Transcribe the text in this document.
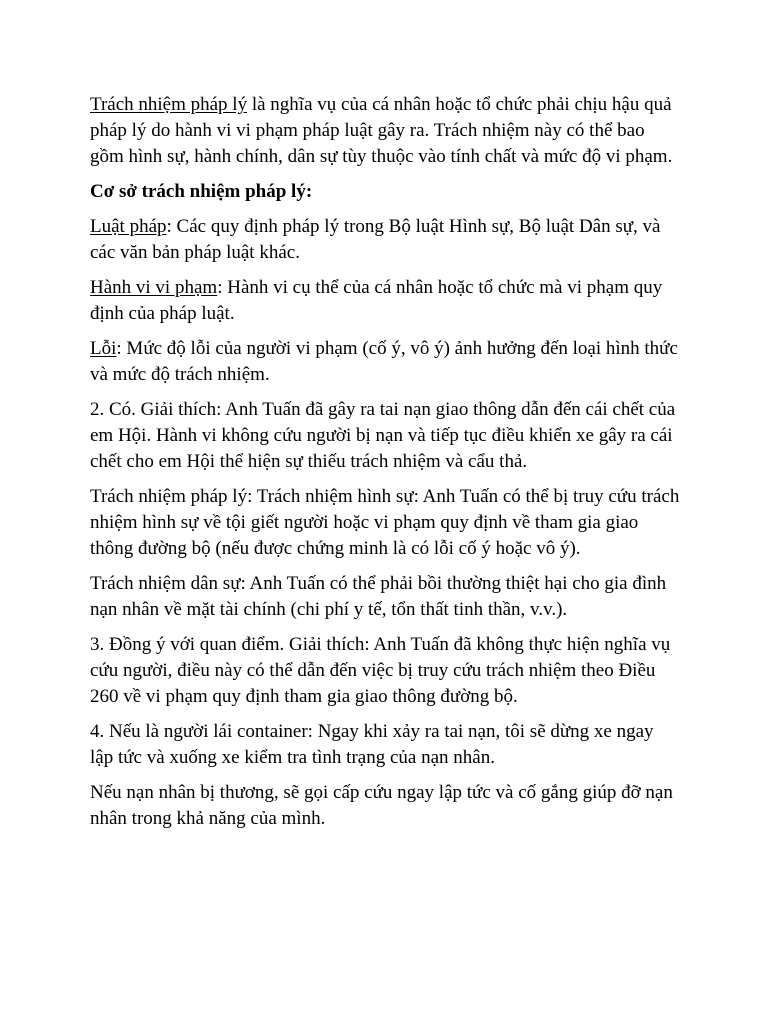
Trách nhiệm pháp lý là nghĩa vụ của cá nhân hoặc tổ chức phải chịu hậu quả pháp lý do hành vi vi phạm pháp luật gây ra. Trách nhiệm này có thể bao gồm hình sự, hành chính, dân sự tùy thuộc vào tính chất và mức độ vi phạm.

Cơ sở trách nhiệm pháp lý:

Luật pháp: Các quy định pháp lý trong Bộ luật Hình sự, Bộ luật Dân sự, và các văn bản pháp luật khác.

Hành vi vi phạm: Hành vi cụ thể của cá nhân hoặc tổ chức mà vi phạm quy định của pháp luật.

Lỗi: Mức độ lỗi của người vi phạm (cố ý, vô ý) ảnh hưởng đến loại hình thức và mức độ trách nhiệm.

2. Có. Giải thích: Anh Tuấn đã gây ra tai nạn giao thông dẫn đến cái chết của em Hội. Hành vi không cứu người bị nạn và tiếp tục điều khiển xe gây ra cái chết cho em Hội thể hiện sự thiếu trách nhiệm và cẩu thả.

Trách nhiệm pháp lý: Trách nhiệm hình sự: Anh Tuấn có thể bị truy cứu trách nhiệm hình sự về tội giết người hoặc vi phạm quy định về tham gia giao thông đường bộ (nếu được chứng minh là có lỗi cố ý hoặc vô ý).

Trách nhiệm dân sự: Anh Tuấn có thể phải bồi thường thiệt hại cho gia đình nạn nhân về mặt tài chính (chi phí y tế, tổn thất tinh thần, v.v.).

3. Đồng ý với quan điểm. Giải thích: Anh Tuấn đã không thực hiện nghĩa vụ cứu người, điều này có thể dẫn đến việc bị truy cứu trách nhiệm theo Điều 260 về vi phạm quy định tham gia giao thông đường bộ.

4. Nếu là người lái container: Ngay khi xảy ra tai nạn, tôi sẽ dừng xe ngay lập tức và xuống xe kiểm tra tình trạng của nạn nhân.

Nếu nạn nhân bị thương, sẽ gọi cấp cứu ngay lập tức và cố gắng giúp đỡ nạn nhân trong khả năng của mình.
